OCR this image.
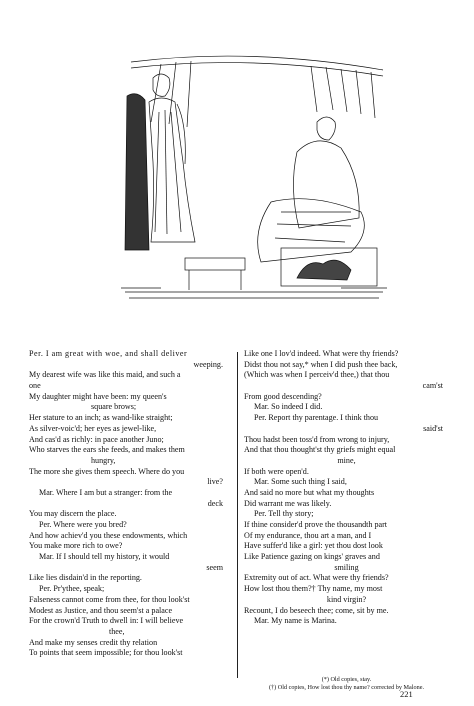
Per. I am great with woe, and shall deliver
weeping.
My dearest wife was like this maid, and such a
one
My daughter might have been: my queen's
square brows;
Her stature to an inch; as wand-like straight;
As silver-voic'd; her eyes as jewel-like,
And cas'd as richly: in pace another Juno;
Who starves the ears she feeds, and makes them
hungry,
The more she gives them speech. Where do you
live?
Mar. Where I am but a stranger: from the
deck
You may discern the place.
Per. Where were you bred?
And how achiev'd you these endowments, which
You make more rich to owe?
Mar. If I should tell my history, it would
seem
Like lies disdain'd in the reporting.
Per. Pr'ythee, speak;
Falseness cannot come from thee, for thou look'st
Modest as Justice, and thou seem'st a palace
For the crown'd Truth to dwell in: I will believe
thee,
And make my senses credit thy relation
To points that seem impossible; for thou look'st
Like one I lov'd indeed. What were thy friends?
Didst thou not say,* when I did push thee back,
(Which was when I perceiv'd thee,) that thou
cam'st
From good descending?
Mar. So indeed I did.
Per. Report thy parentage. I think thou
said'st
Thou hadst been toss'd from wrong to injury,
And that thou thought'st thy griefs might equal
mine,
If both were open'd.
Mar. Some such thing I said,
And said no more but what my thoughts
Did warrant me was likely.
Per. Tell thy story;
If thine consider'd prove the thousandth part
Of my endurance, thou art a man, and I
Have suffer'd like a girl: yet thou dost look
Like Patience gazing on kings' graves and
smiling
Extremity out of act. What were thy friends?
How lost thou them?† Thy name, my most
kind virgin?
Recount, I do beseech thee; come, sit by me.
Mar. My name is Marina.
(*) Old copies, stay.
(†) Old copies, How lost thou thy name? corrected by Malone.
221
